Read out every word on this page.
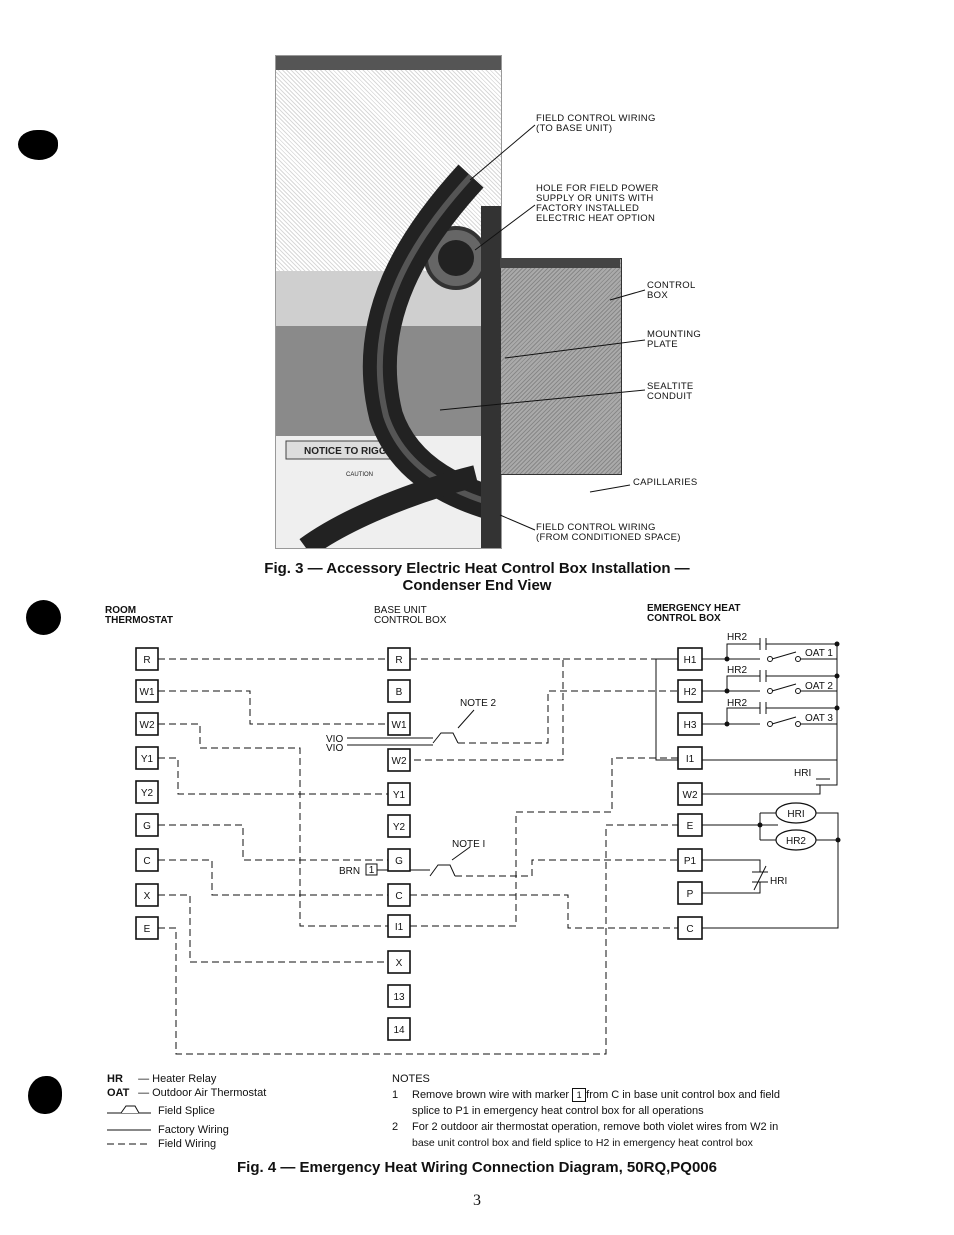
NOTICE TO RIGG
CAUTION
FIELD CONTROL WIRING
(TO BASE UNIT)
HOLE FOR FIELD POWER
SUPPLY OR UNITS WITH
FACTORY INSTALLED
ELECTRIC HEAT OPTION
CONTROL
BOX
MOUNTING
PLATE
SEALTITE
CONDUIT
CAPILLARIES
FIELD CONTROL WIRING
(FROM CONDITIONED SPACE)
Fig. 3 — Accessory Electric Heat Control Box Installation —
Condenser End View
ROOM
THERMOSTAT
BASE UNIT
CONTROL BOX
EMERGENCY HEAT
CONTROL BOX
1
R
W1
W2
Y1
Y2
G
C
X
E
R
B
W1
W2
Y1
Y2
G
C
I1
X
13
14
H1
H2
H3
I1
W2
E
P1
P
C
HR2
HR2
HR2
OAT 1
OAT 2
OAT 3
HRI
HRI
HR2
HRI
NOTE 2
NOTE I
VIO
VIO
BRN
HR — Heater Relay
OAT — Outdoor Air Thermostat
Field Splice
Factory Wiring
Field Wiring
NOTES
1 Remove brown wire with marker 1 from C in base unit control box and field
splice to P1 in emergency heat control box for all operations
2 For 2 outdoor air thermostat operation, remove both violet wires from W2 in
base unit control box and field splice to H2 in emergency heat control box
Fig. 4 — Emergency Heat Wiring Connection Diagram, 50RQ,PQ006
3
